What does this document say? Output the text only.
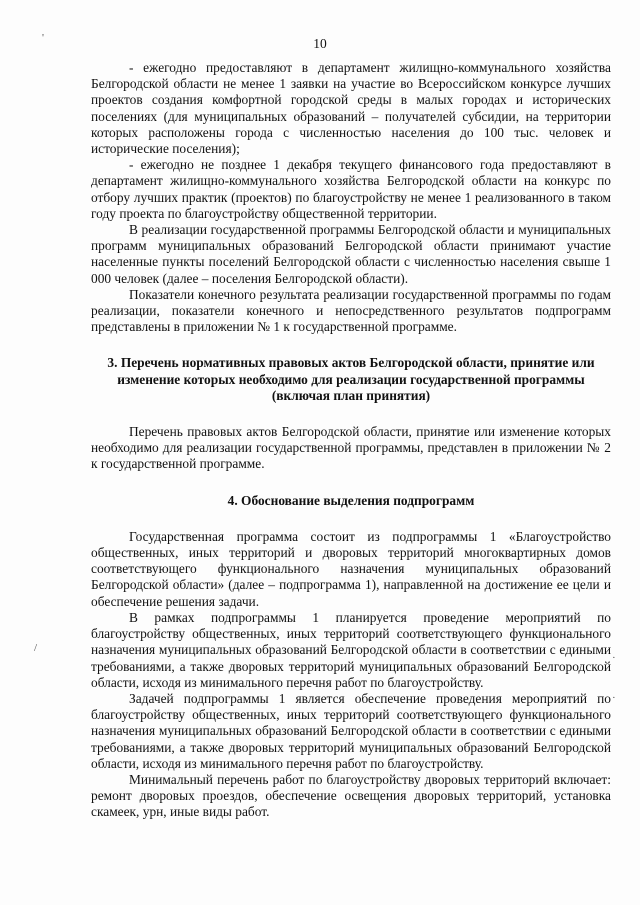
10
'
/
·
·

- ежегодно предоставляют в департамент жилищно-коммунального хозяйства Белгородской области не менее 1 заявки на участие во Всероссийском конкурсе лучших проектов создания комфортной городской среды в малых городах и исторических поселениях (для муниципальных образований – получателей субсидии, на территории которых расположены города с численностью населения до 100 тыс. человек и исторические поселения);

- ежегодно не позднее 1 декабря текущего финансового года предоставляют в департамент жилищно-коммунального хозяйства Белгородской области на конкурс по отбору лучших практик (проектов) по благоустройству не менее 1 реализованного в таком году проекта по благоустройству общественной территории.

В реализации государственной программы Белгородской области и муниципальных программ муниципальных образований Белгородской области принимают участие населенные пункты поселений Белгородской области с численностью населения свыше 1 000 человек (далее – поселения Белгородской области).

Показатели конечного результата реализации государственной программы по годам реализации, показатели конечного и непосредственного результатов подпрограмм представлены в приложении № 1 к государственной программе.

3. Перечень нормативных правовых актов Белгородской области, принятие или изменение которых необходимо для реализации государственной программы (включая план принятия)

Перечень правовых актов Белгородской области, принятие или изменение которых необходимо для реализации государственной программы, представлен в приложении № 2 к государственной программе.

4. Обоснование выделения подпрограмм

Государственная программа состоит из подпрограммы 1 «Благоустройство общественных, иных территорий и дворовых территорий многоквартирных домов соответствующего функционального назначения муниципальных образований Белгородской области» (далее – подпрограмма 1), направленной на достижение ее цели и обеспечение решения задачи.

В рамках подпрограммы 1 планируется проведение мероприятий по благоустройству общественных, иных территорий соответствующего функционального назначения муниципальных образований Белгородской области в соответствии с едиными требованиями, а также дворовых территорий муниципальных образований Белгородской области, исходя из минимального перечня работ по благоустройству.

Задачей подпрограммы 1 является обеспечение проведения мероприятий по благоустройству общественных, иных территорий соответствующего функционального назначения муниципальных образований Белгородской области в соответствии с едиными требованиями, а также дворовых территорий муниципальных образований Белгородской области, исходя из минимального перечня работ по благоустройству.

Минимальный перечень работ по благоустройству дворовых территорий включает: ремонт дворовых проездов, обеспечение освещения дворовых территорий, установка скамеек, урн, иные виды работ.
